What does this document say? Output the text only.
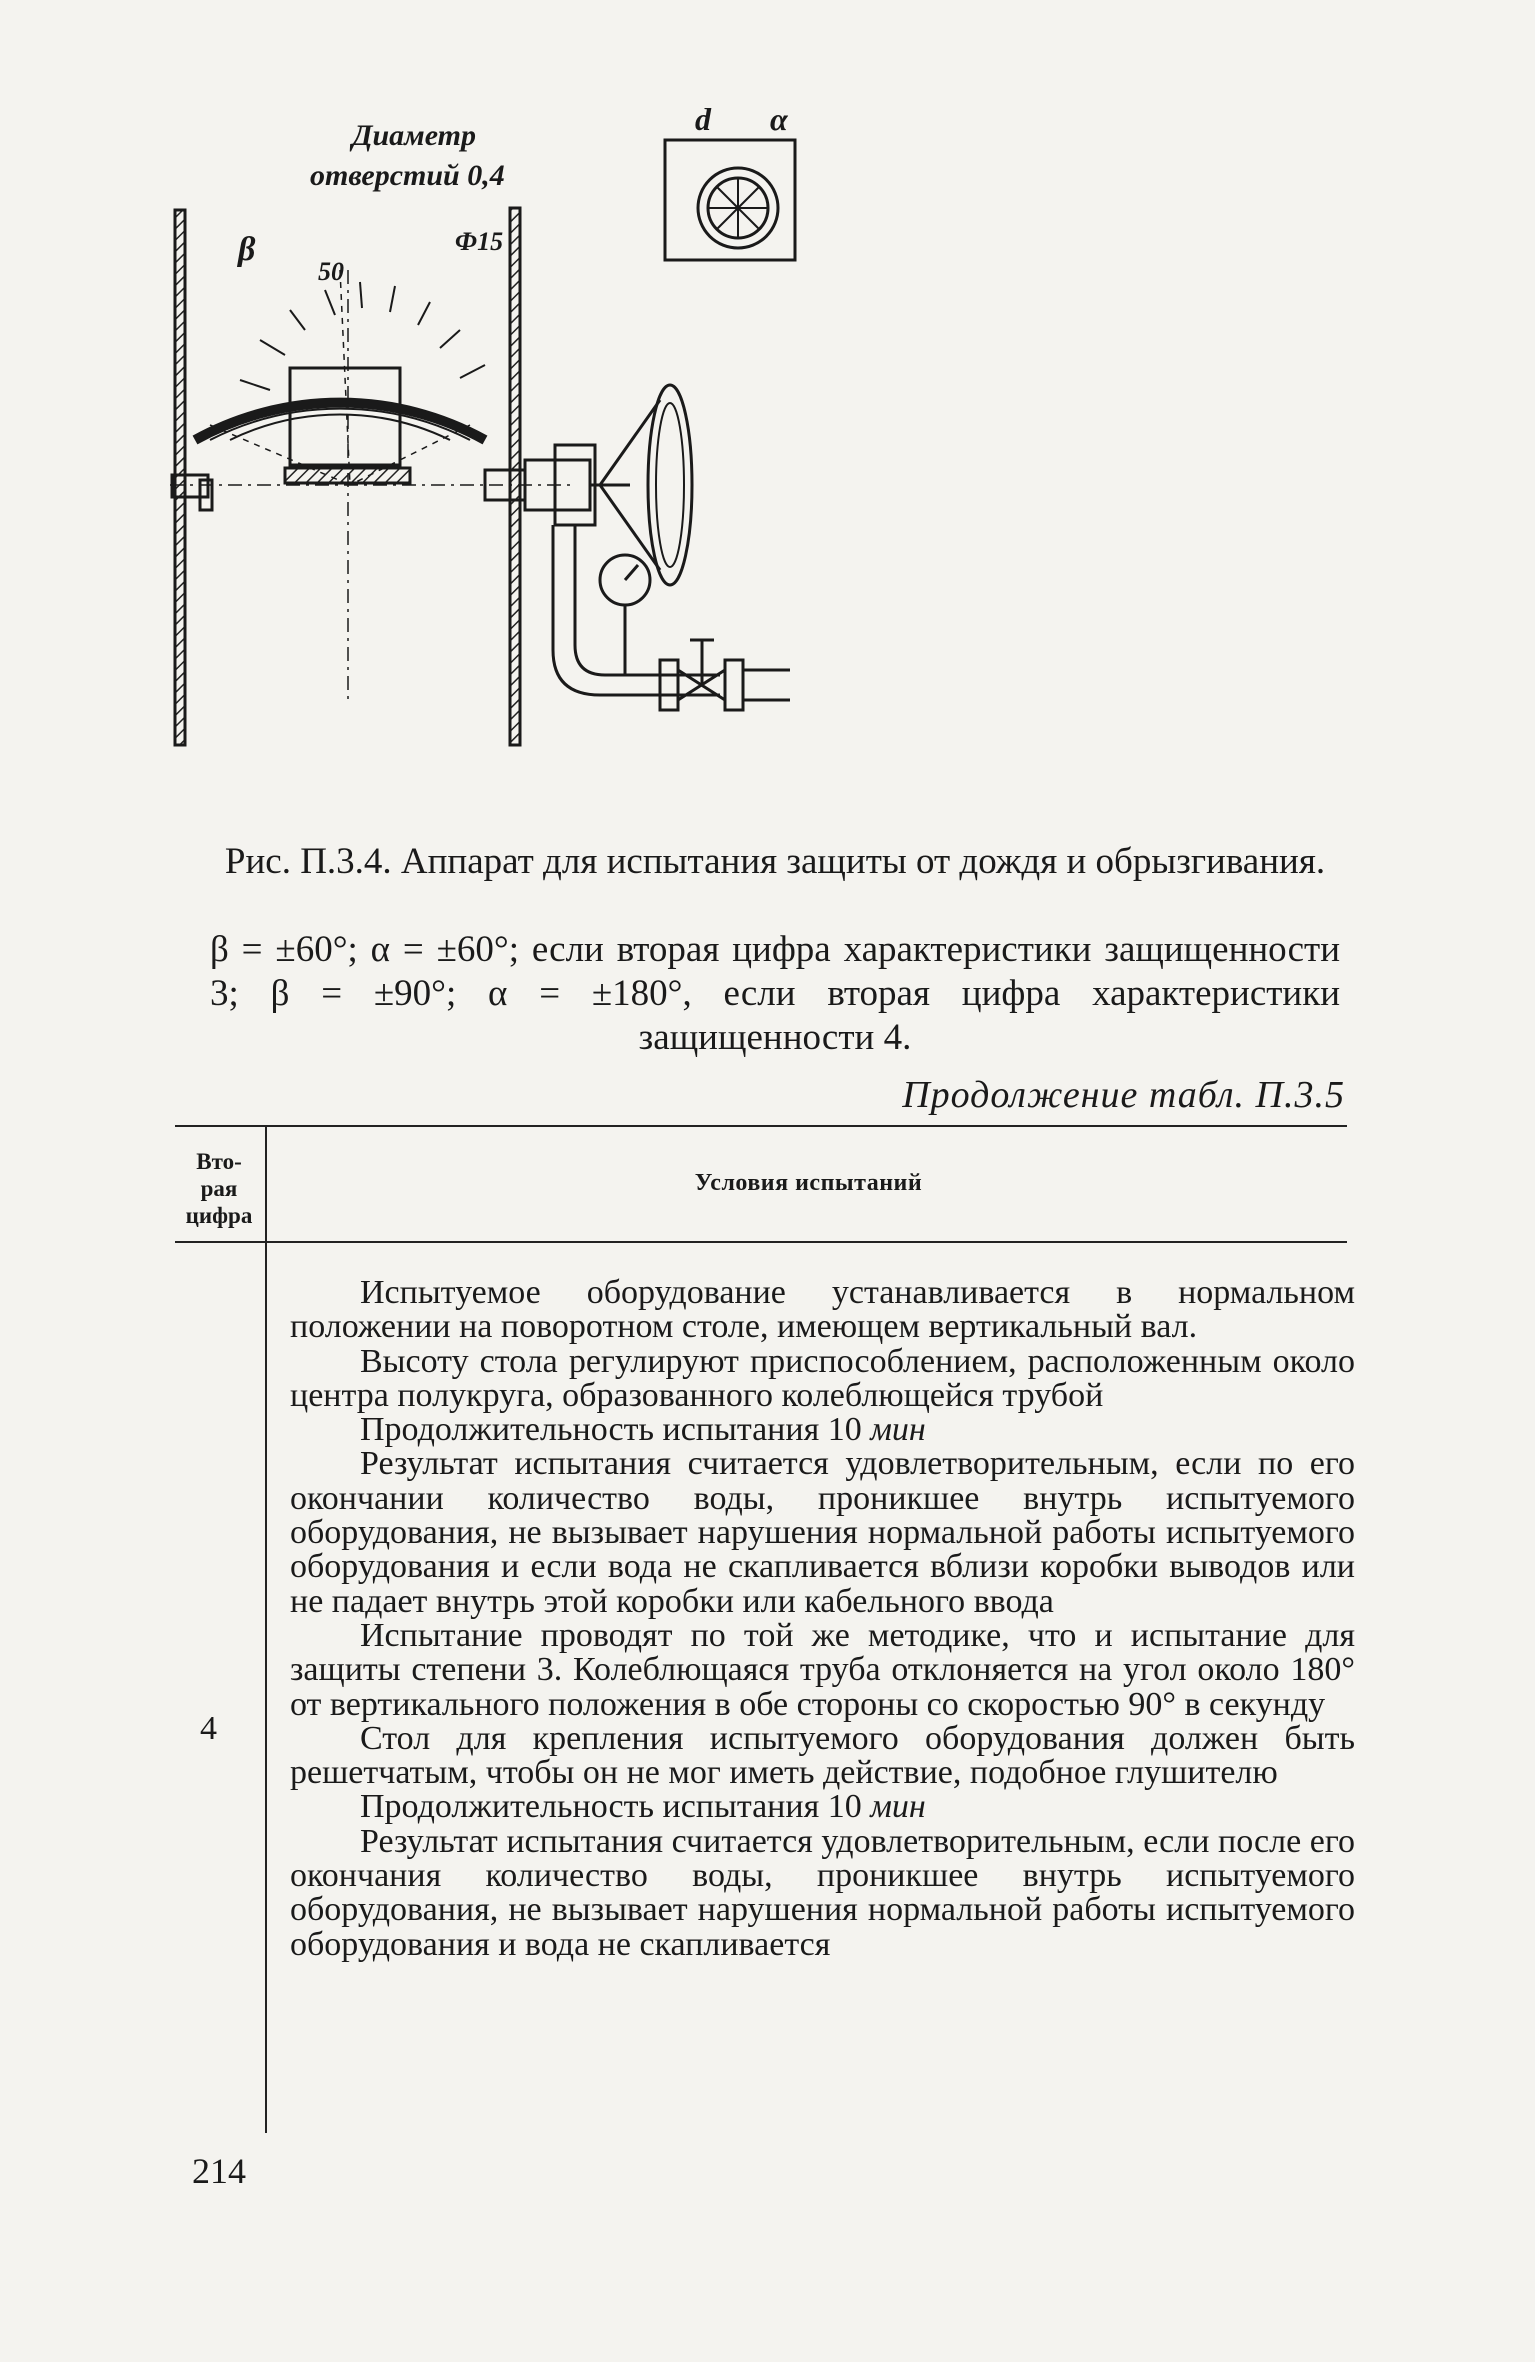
Диаметр
отверстий 0,4
β	Ф15
50
d α
Рис. П.3.4. Аппарат для испытания защиты от дождя и обрызгивания.
β = ±60°; α = ±60°; если вторая цифра характеристики защищенности 3; β = ±90°; α = ±180°, если вторая цифра характеристики защищенности 4.
Продолжение табл. П.3.5
Вто-
рая
цифра
Условия испытаний
4

Испытуемое оборудование устанавливается в нормальном положении на поворотном столе, имеющем вертикальный вал.

Высоту стола регулируют приспособлением, расположенным около центра полукруга, образованного колеблющейся трубой

Продолжительность испытания 10 мин

Результат испытания считается удовлетворительным, если по его окончании количество воды, проникшее внутрь испытуемого оборудования, не вызывает нарушения нормальной работы испытуемого оборудования и если вода не скапливается вблизи коробки выводов или не падает внутрь этой коробки или кабельного ввода

Испытание проводят по той же методике, что и испытание для защиты степени 3. Колеблющаяся труба отклоняется на угол около 180° от вертикального положения в обе стороны со скоростью 90° в секунду

Стол для крепления испытуемого оборудования должен быть решетчатым, чтобы он не мог иметь действие, подобное глушителю

Продолжительность испытания 10 мин

Результат испытания считается удовлетворительным, если после его окончания количество воды, проникшее внутрь испытуемого оборудования, не вызывает нарушения нормальной работы испытуемого оборудования и вода не скапливается

214
